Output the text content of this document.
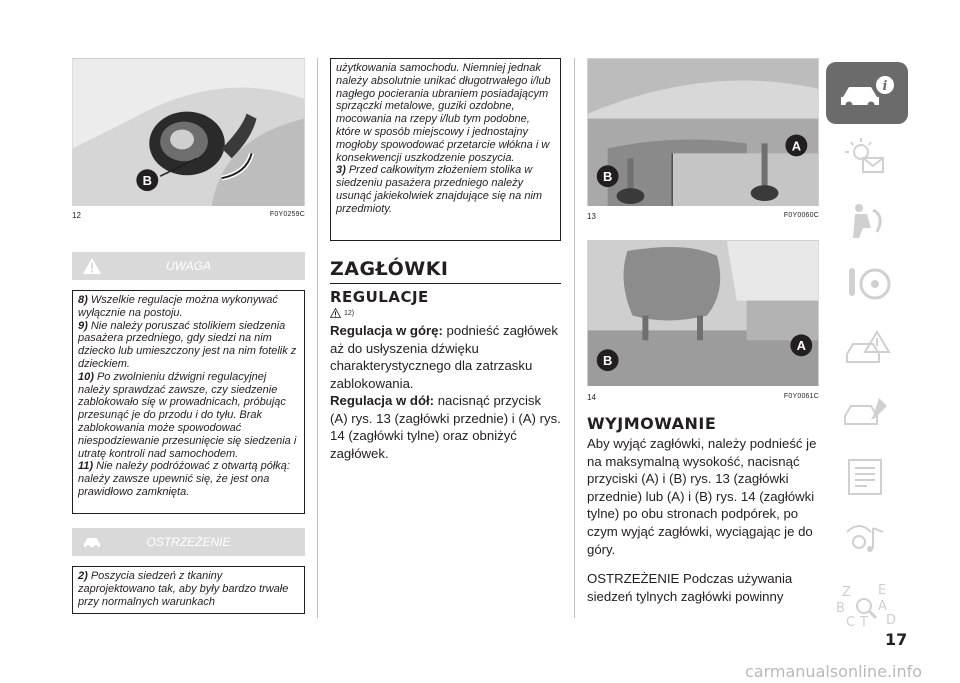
B
12	F0Y0259C
UWAGA

8) Wszelkie regulacje można wykonywać wyłącznie na postoju.

9) Nie należy poruszać stolikiem siedzenia pasażera przedniego, gdy siedzi na nim dziecko lub umieszczony jest na nim fotelik z dzieckiem.

10) Po zwolnieniu dźwigni regulacyjnej należy sprawdzać zawsze, czy siedzenie zablokowało się w prowadnicach, próbując przesunąć je do przodu i do tyłu. Brak zablokowania może spowodować niespodziewanie przesunięcie się siedzenia i utratę kontroli nad samochodem.

11) Nie należy podróżować z otwartą półką: należy zawsze upewnić się, że jest ona prawidłowo zamknięta.

OSTRZEŻENIE

2) Poszycia siedzeń z tkaniny zaprojektowano tak, aby były bardzo trwałe przy normalnych warunkach

użytkowania samochodu. Niemniej jednak należy absolutnie unikać długotrwałego i/lub nagłego pocierania ubraniem posiadającym sprzączki metalowe, guziki ozdobne, mocowania na rzepy i/lub tym podobne, które w sposób miejscowy i jednostajny mogłoby spowodować przetarcie włókna i w konsekwencji uszkodzenie poszycia.

3) Przed całkowitym złożeniem stolika w siedzeniu pasażera przedniego należy usunąć jakiekolwiek znajdujące się na nim przedmioty.

ZAGŁÓWKI
REGULACJE
12)
Regulacja w górę: podnieść zagłówek aż do usłyszenia dźwięku charakterystycznego dla zatrzasku zablokowania.
Regulacja w dół: nacisnąć przycisk (A) rys. 13 (zagłówki przednie) i (A) rys. 14 (zagłówki tylne) oraz obniżyć zagłówek.
A
B
13	F0Y0060C
B
A
14	F0Y0061C
WYJMOWANIE
Aby wyjąć zagłówki, należy podnieść je na maksymalną wysokość, nacisnąć przyciski (A) i (B) rys. 13 (zagłówki przednie) lub (A) i (B) rys. 14 (zagłówki tylne) po obu stronach podpórek, po czym wyjąć zagłówki, wyciągając je do góry.
OSTRZEŻENIE Podczas używania siedzeń tylnych zagłówki powinny
i
Z E
B	A
C T D
17
carmanualsonline.info
